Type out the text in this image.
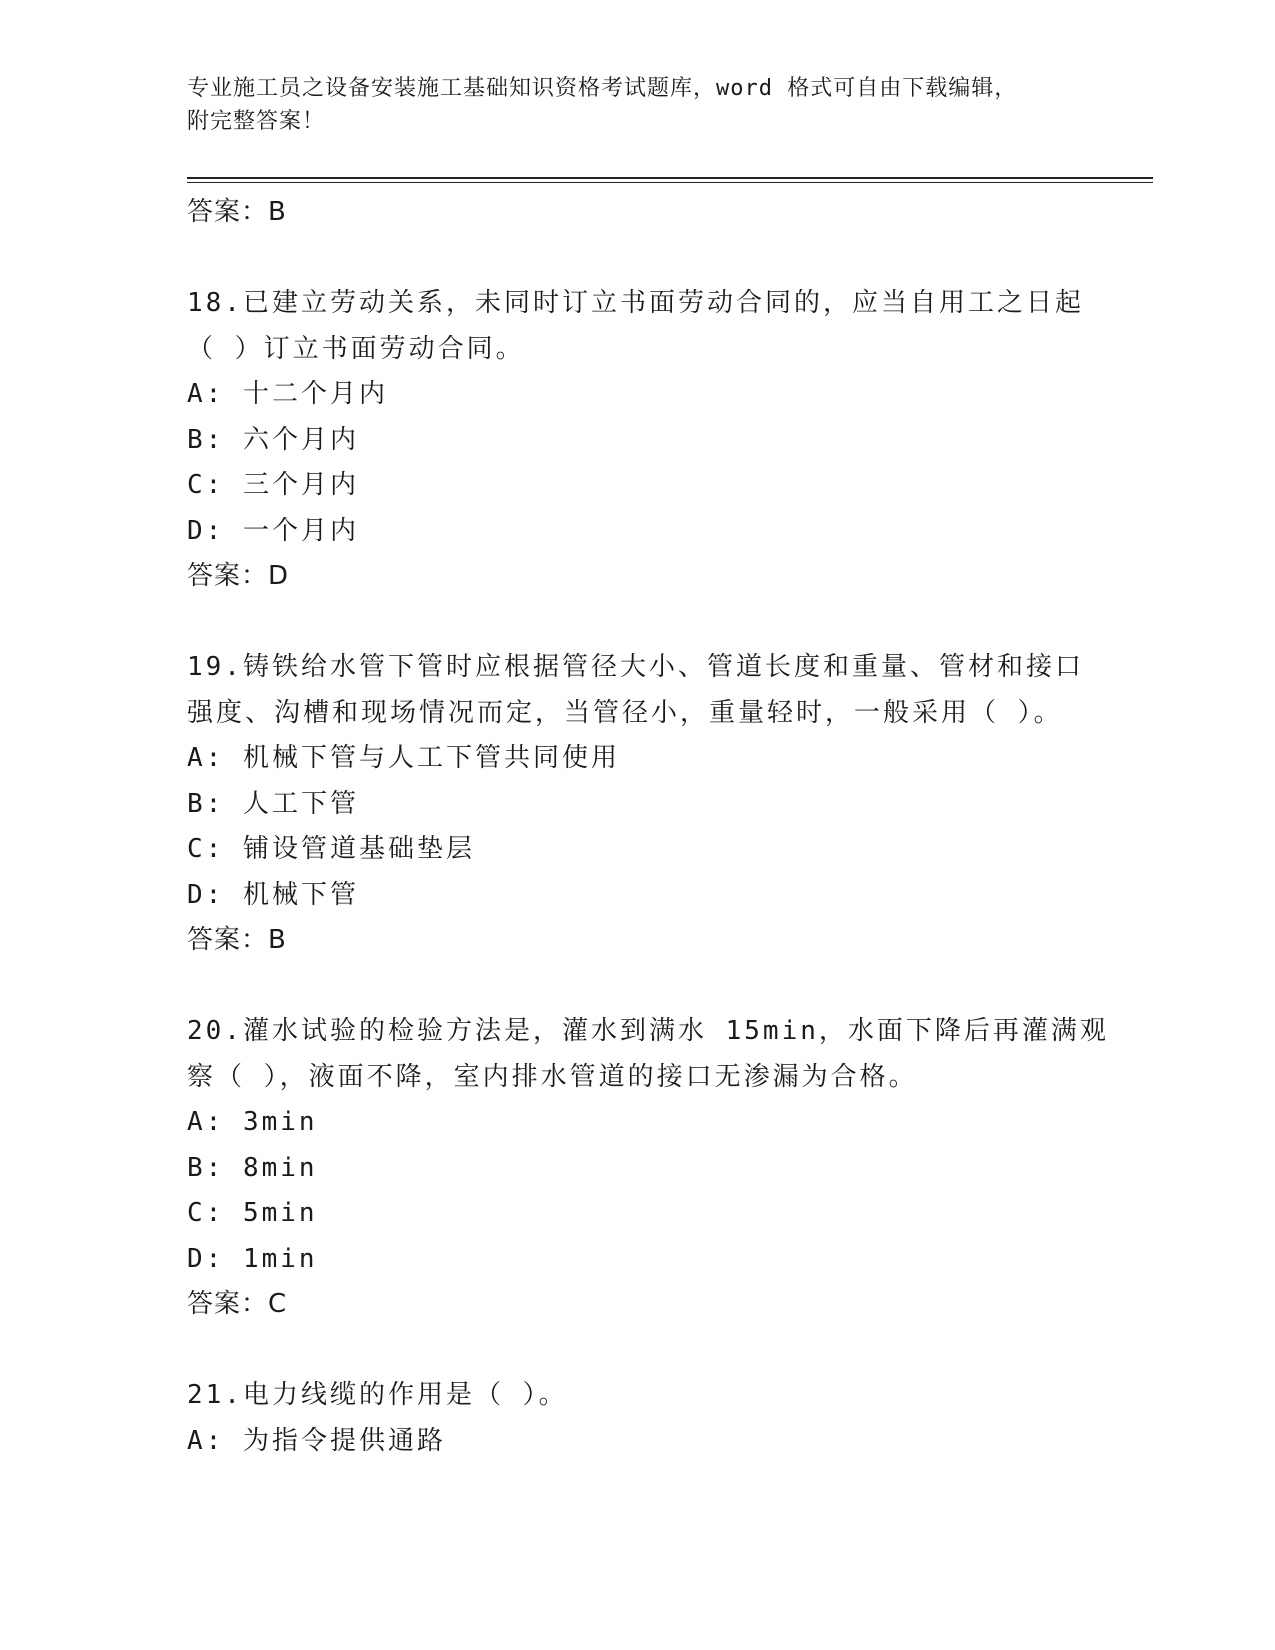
专业施工员之设备安装施工基础知识资格考试题库，word 格式可自由下载编辑，
附完整答案！
答案：B
18.已建立劳动关系，未同时订立书面劳动合同的，应当自用工之日起
（ ）订立书面劳动合同。
A: 十二个月内
B: 六个月内
C: 三个月内
D: 一个月内
答案：D
19.铸铁给水管下管时应根据管径大小、管道长度和重量、管材和接口
强度、沟槽和现场情况而定，当管径小，重量轻时，一般采用（ ）。
A: 机械下管与人工下管共同使用
B: 人工下管
C: 铺设管道基础垫层
D: 机械下管
答案：B
20.灌水试验的检验方法是，灌水到满水 15min，水面下降后再灌满观
察（ ），液面不降，室内排水管道的接口无渗漏为合格。
A: 3min
B: 8min
C: 5min
D: 1min
答案：C
21.电力线缆的作用是（ ）。
A: 为指令提供通路
